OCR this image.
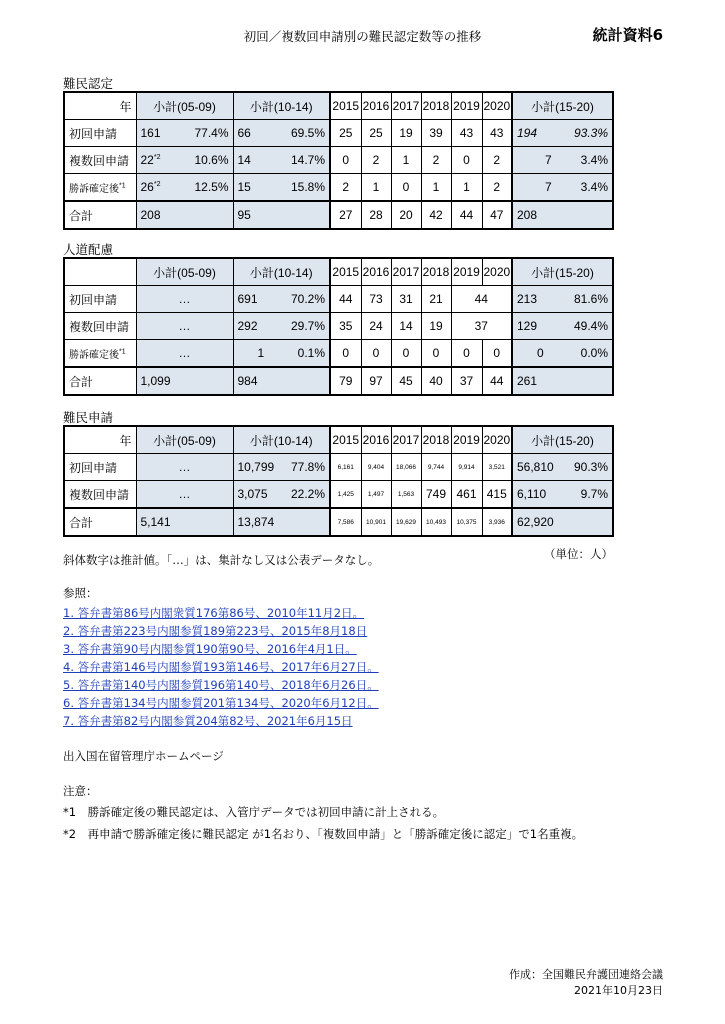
初回／複数回申請別の難民認定数等の推移	統計資料6
難民認定
年	小計(05-09)	小計(10-14)	2015	2016	2017	2018	2019	2020	小計(15-20)
初回申請	161 77.4%	66 69.5%	25	25	19	39	43	43	194 93.3%

複数回申請	22$^{*2}$ 10.6%	14 14.7%	0	2	1	2	0	2	7 3.4%

勝訴確定後$^{*1}$	26$^{*2}$ 12.5%	15 15.8%	2	1	0	1	1	2	7 3.4%

合計	208	95	27	28	20	42	44	47	208
人道配慮
	小計(05-09)	小計(10-14)	2015	2016	2017	2018	2019	2020	小計(15-20)
初回申請	…	691 70.2%	44	73	31	21	44		213 81.6%

複数回申請	…	292 29.7%	35	24	14	19	37		129 49.4%

勝訴確定後$^{*1}$	…	1 0.1%	0	0	0	0	0	0	0 0.0%

合計	1,099	984	79	97	45	40	37	44	261
難民申請
年	小計(05-09)	小計(10-14)	2015	2016	2017	2018	2019	2020	小計(15-20)
初回申請	…	10,799 77.8%	6,161	9,404	18,066	9,744	9,914	3,521	56,810 90.3%

複数回申請	…	3,075 22.2%	1,425	1,497	1,563	749	461	415	6,110 9.7%

合計	5,141	13,874	7,586	10,901	19,629	10,493	10,375	3,936	62,920
斜体数字は推計値。「…」は、集計なし又は公表データなし。	（単位：人）
参照：
1. 答弁書第86号内閣衆質176第86号、2010年11月2日。
2. 答弁書第223号内閣参質189第223号、2015年8月18日
3. 答弁書第90号内閣参質190第90号、2016年4月1日。
4. 答弁書第146号内閣参質193第146号、2017年6月27日。
5. 答弁書第140号内閣参質196第140号、2018年6月26日。
6. 答弁書第134号内閣参質201第134号、2020年6月12日。
7. 答弁書第82号内閣参質204第82号、2021年6月15日
出入国在留管理庁ホームページ
注意：
*1　勝訴確定後の難民認定は、入管庁データでは初回申請に計上される。
*2　再申請で勝訴確定後に難民認定 が1名おり、「複数回申請」と「勝訴確定後に認定」で1名重複。
作成：全国難民弁護団連絡会議
2021年10月23日
